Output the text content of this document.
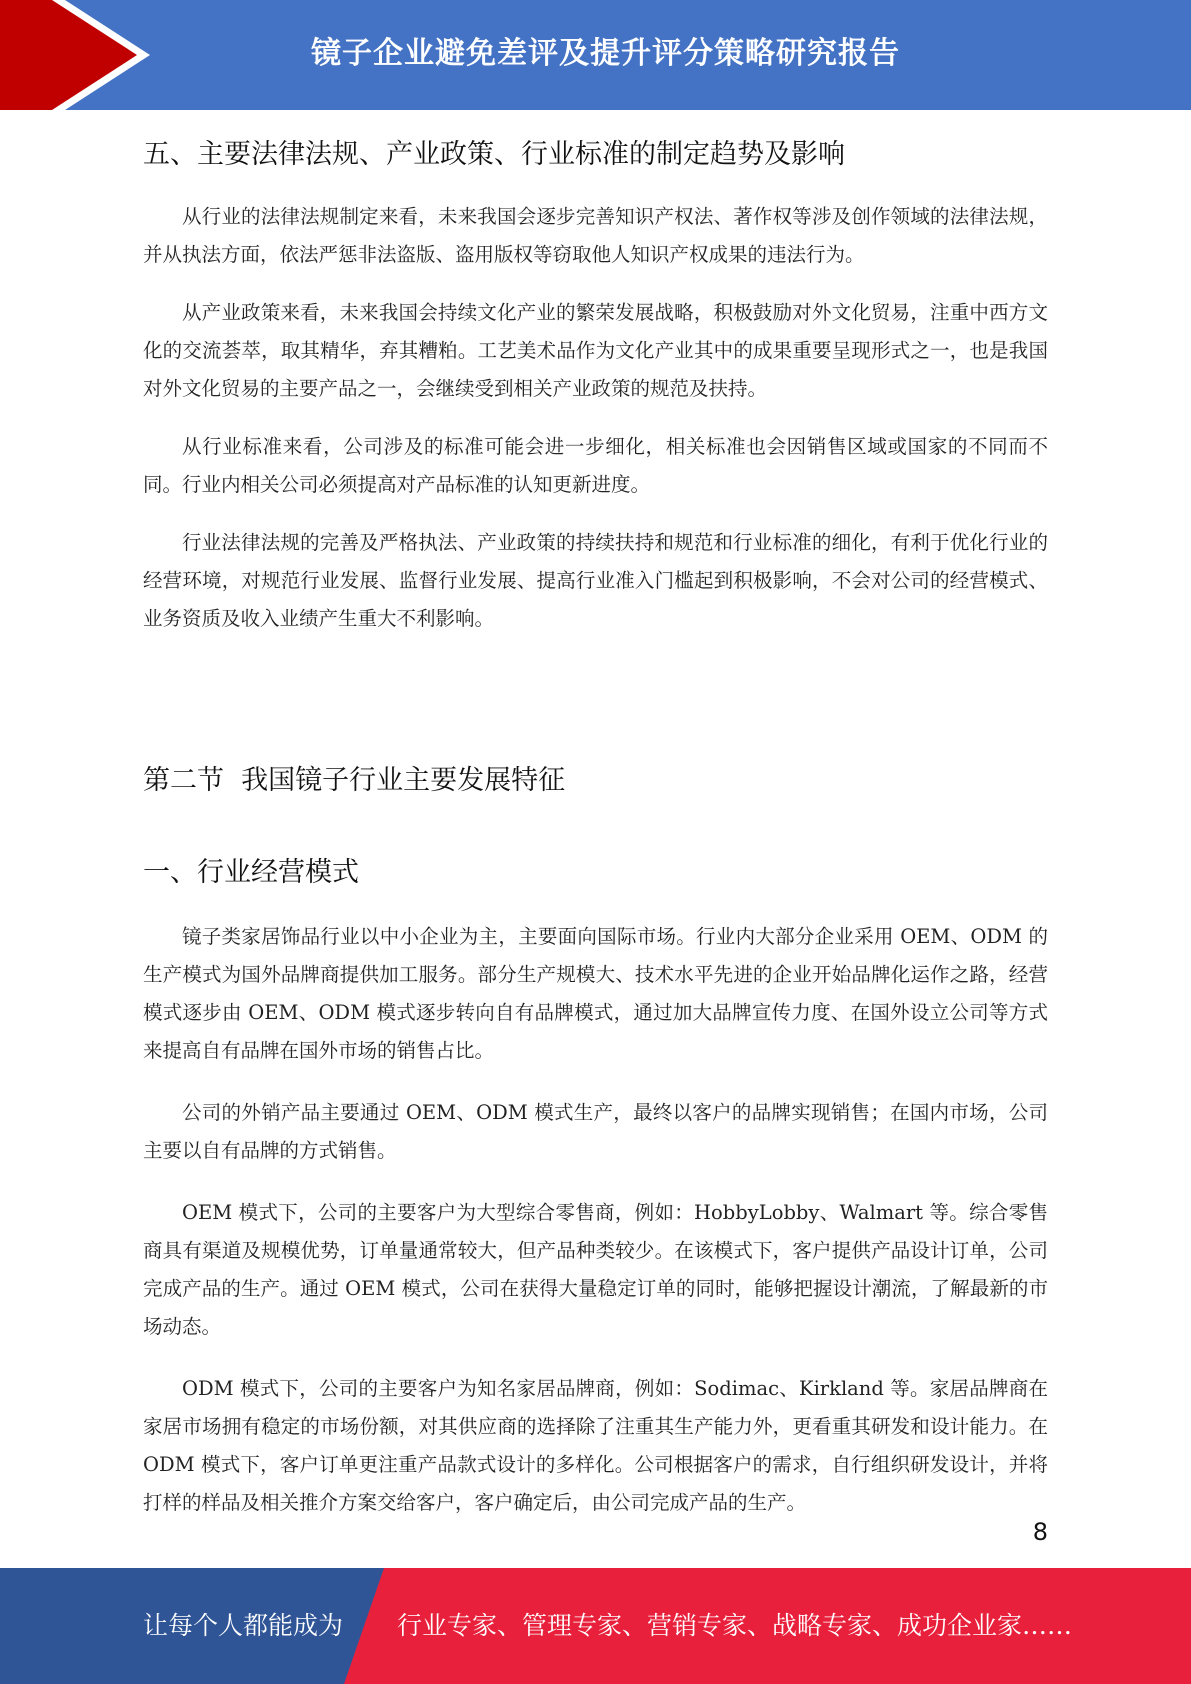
镜子企业避免差评及提升评分策略研究报告
五、主要法律法规、产业政策、行业标准的制定趋势及影响

从行业的法律法规制定来看，未来我国会逐步完善知识产权法、著作权等涉及创作领域的法律法规，并从执法方面，依法严惩非法盗版、盗用版权等窃取他人知识产权成果的违法行为。

从产业政策来看，未来我国会持续文化产业的繁荣发展战略，积极鼓励对外文化贸易，注重中西方文化的交流荟萃，取其精华，弃其糟粕。工艺美术品作为文化产业其中的成果重要呈现形式之一，也是我国对外文化贸易的主要产品之一，会继续受到相关产业政策的规范及扶持。

从行业标准来看，公司涉及的标准可能会进一步细化，相关标准也会因销售区域或国家的不同而不同。行业内相关公司必须提高对产品标准的认知更新进度。

行业法律法规的完善及严格执法、产业政策的持续扶持和规范和行业标准的细化，有利于优化行业的经营环境，对规范行业发展、监督行业发展、提高行业准入门槛起到积极影响，不会对公司的经营模式、业务资质及收入业绩产生重大不利影响。

第二节  我国镜子行业主要发展特征
一、行业经营模式

镜子类家居饰品行业以中小企业为主，主要面向国际市场。行业内大部分企业采用 OEM、ODM 的生产模式为国外品牌商提供加工服务。部分生产规模大、技术水平先进的企业开始品牌化运作之路，经营模式逐步由 OEM、ODM 模式逐步转向自有品牌模式，通过加大品牌宣传力度、在国外设立公司等方式来提高自有品牌在国外市场的销售占比。

公司的外销产品主要通过 OEM、ODM 模式生产，最终以客户的品牌实现销售；在国内市场，公司主要以自有品牌的方式销售。

OEM 模式下，公司的主要客户为大型综合零售商，例如：HobbyLobby、Walmart 等。综合零售商具有渠道及规模优势，订单量通常较大，但产品种类较少。在该模式下，客户提供产品设计订单，公司完成产品的生产。通过 OEM 模式，公司在获得大量稳定订单的同时，能够把握设计潮流，了解最新的市场动态。

ODM 模式下，公司的主要客户为知名家居品牌商，例如：Sodimac、Kirkland 等。家居品牌商在家居市场拥有稳定的市场份额，对其供应商的选择除了注重其生产能力外，更看重其研发和设计能力。在 ODM 模式下，客户订单更注重产品款式设计的多样化。公司根据客户的需求，自行组织研发设计，并将打样的样品及相关推介方案交给客户，客户确定后，由公司完成产品的生产。

8
让每个人都能成为 行业专家、管理专家、营销专家、战略专家、成功企业家……
